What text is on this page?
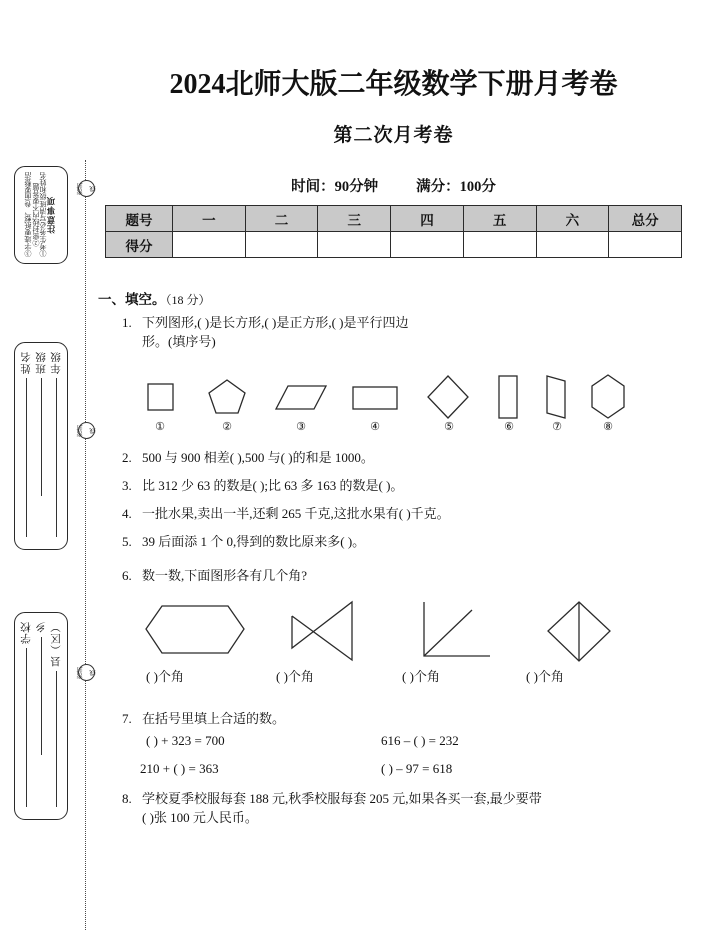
注意事项
①考生务必写清班级和姓名
②密封线内不要答题
③字迹要纸整、卷面要整洁
年级
班级
姓名
县（区）
乡
学校
密封线
密封线
密封线
2024北师大版二年级数学下册月考卷
第二次月考卷
时间：90分钟	满分：100分
题号	一	二	三	四	五	六	总分
得分							
一、填空。（18 分）
1. 下列图形,( )是长方形,( )是正方形,( )是平行四边
形。(填序号)
①	②	③	④	⑤	⑥	⑦	⑧
2. 500 与 900 相差( ),500 与( )的和是 1000。
3. 比 312 少 63 的数是( );比 63 多 163 的数是( )。
4. 一批水果,卖出一半,还剩 265 千克,这批水果有( )千克。
5. 39 后面添 1 个 0,得到的数比原来多( )。
6. 数一数,下面图形各有几个角?
( )个角	( )个角	( )个角	( )个角
7. 在括号里填上合适的数。
( ) + 323 = 700	616 – ( ) = 232
210 + ( ) = 363	( ) – 97 = 618
8. 学校夏季校服每套 188 元,秋季校服每套 205 元,如果各买一套,最少要带
( )张 100 元人民币。
